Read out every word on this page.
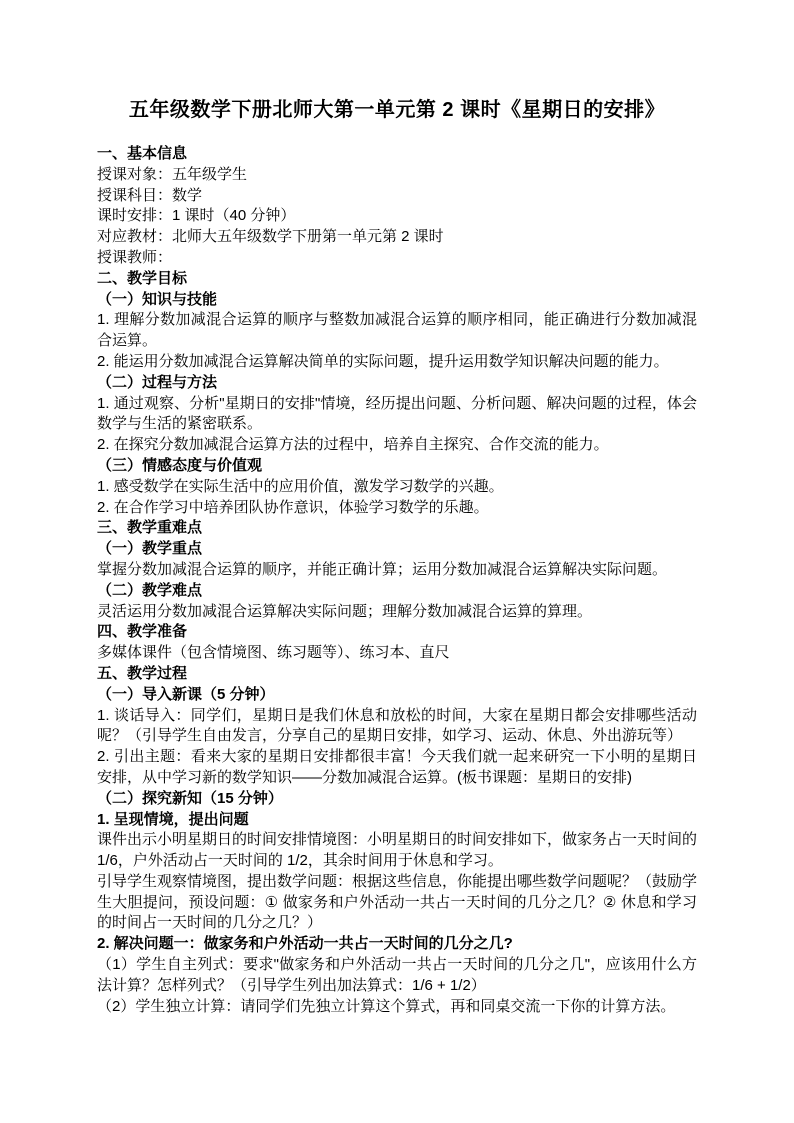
五年级数学下册北师大第一单元第 2 课时《星期日的安排》

一、基本信息

授课对象：五年级学生

授课科目：数学

课时安排：1 课时（40 分钟）

对应教材：北师大五年级数学下册第一单元第 2 课时

授课教师：

二、教学目标

（一）知识与技能

1. 理解分数加减混合运算的顺序与整数加减混合运算的顺序相同，能正确进行分数加减混合运算。

2. 能运用分数加减混合运算解决简单的实际问题，提升运用数学知识解决问题的能力。

（二）过程与方法

1. 通过观察、分析"星期日的安排"情境，经历提出问题、分析问题、解决问题的过程，体会数学与生活的紧密联系。

2. 在探究分数加减混合运算方法的过程中，培养自主探究、合作交流的能力。

（三）情感态度与价值观

1. 感受数学在实际生活中的应用价值，激发学习数学的兴趣。

2. 在合作学习中培养团队协作意识，体验学习数学的乐趣。

三、教学重难点

（一）教学重点

掌握分数加减混合运算的顺序，并能正确计算；运用分数加减混合运算解决实际问题。

（二）教学难点

灵活运用分数加减混合运算解决实际问题；理解分数加减混合运算的算理。

四、教学准备

多媒体课件（包含情境图、练习题等）、练习本、直尺

五、教学过程

（一）导入新课（5 分钟）

1. 谈话导入：同学们，星期日是我们休息和放松的时间，大家在星期日都会安排哪些活动呢？（引导学生自由发言，分享自己的星期日安排，如学习、运动、休息、外出游玩等）

2. 引出主题：看来大家的星期日安排都很丰富！今天我们就一起来研究一下小明的星期日安排，从中学习新的数学知识——分数加减混合运算。(板书课题：星期日的安排)

（二）探究新知（15 分钟）

1. 呈现情境，提出问题

课件出示小明星期日的时间安排情境图：小明星期日的时间安排如下，做家务占一天时间的 1/6，户外活动占一天时间的 1/2，其余时间用于休息和学习。

引导学生观察情境图，提出数学问题：根据这些信息，你能提出哪些数学问题呢？（鼓励学生大胆提问，预设问题：① 做家务和户外活动一共占一天时间的几分之几？② 休息和学习的时间占一天时间的几分之几？）

2. 解决问题一：做家务和户外活动一共占一天时间的几分之几?

（1）学生自主列式：要求"做家务和户外活动一共占一天时间的几分之几"，应该用什么方法计算？怎样列式？（引导学生列出加法算式：1/6 + 1/2）

（2）学生独立计算：请同学们先独立计算这个算式，再和同桌交流一下你的计算方法。
